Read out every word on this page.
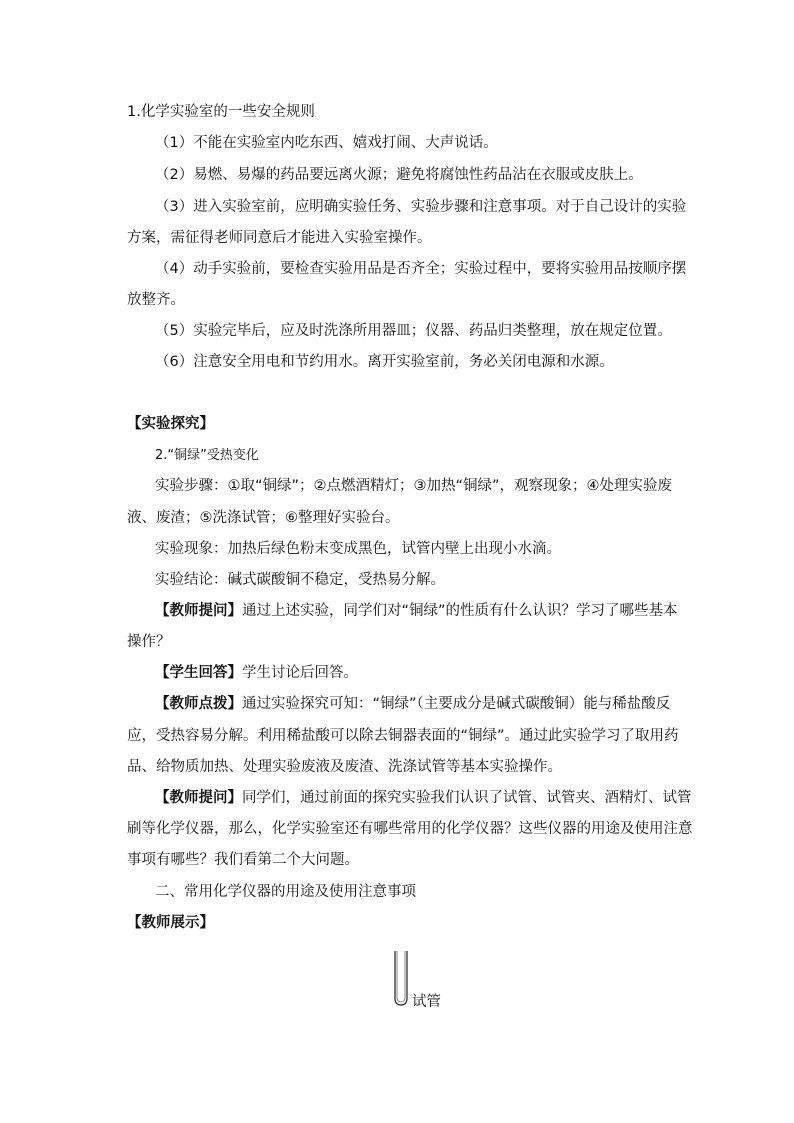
1.化学实验室的一些安全规则
（1）不能在实验室内吃东西、嬉戏打闹、大声说话。
（2）易燃、易爆的药品要远离火源；避免将腐蚀性药品沾在衣服或皮肤上。
（3）进入实验室前，应明确实验任务、实验步骤和注意事项。对于自己设计的实验
方案，需征得老师同意后才能进入实验室操作。
（4）动手实验前，要检查实验用品是否齐全；实验过程中，要将实验用品按顺序摆
放整齐。
（5）实验完毕后，应及时洗涤所用器皿；仪器、药品归类整理，放在规定位置。
（6）注意安全用电和节约用水。离开实验室前，务必关闭电源和水源。
【实验探究】
2.“铜绿”受热变化
实验步骤：①取“铜绿”；②点燃酒精灯；③加热“铜绿”，观察现象；④处理实验废
液、废渣；⑤洗涤试管；⑥整理好实验台。
实验现象：加热后绿色粉末变成黑色，试管内壁上出现小水滴。
实验结论：碱式碳酸铜不稳定，受热易分解。
【教师提问】通过上述实验，同学们对“铜绿”的性质有什么认识？学习了哪些基本
操作？
【学生回答】学生讨论后回答。
【教师点拨】通过实验探究可知：“铜绿”（主要成分是碱式碳酸铜）能与稀盐酸反
应，受热容易分解。利用稀盐酸可以除去铜器表面的“铜绿”。通过此实验学习了取用药
品、给物质加热、处理实验废液及废渣、洗涤试管等基本实验操作。
【教师提问】同学们，通过前面的探究实验我们认识了试管、试管夹、酒精灯、试管
刷等化学仪器，那么，化学实验室还有哪些常用的化学仪器？这些仪器的用途及使用注意
事项有哪些？我们看第二个大问题。
二、常用化学仪器的用途及使用注意事项
【教师展示】
试管
